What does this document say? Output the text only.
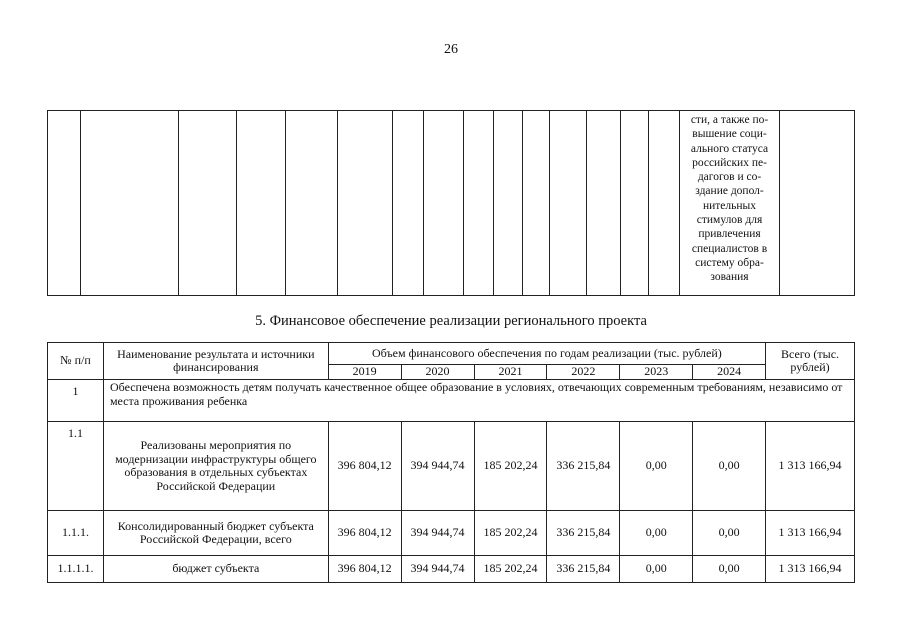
26
															сти, а также по-
вышение соци-
ального статуса
российских пе-
дагогов и со-
здание допол-
нительных
стимулов для
привлечения
специалистов в
систему обра-
зования	
5. Финансовое обеспечение реализации регионального проекта
№ п/п	Наименование результата и источники финансирования	Объем финансового обеспечения по годам реализации (тыс. рублей)						Всего (тыс. рублей)
		2019	2020	2021	2022	2023	2024	
1	Обеспечена возможность детям получать качественное общее образование в условиях, отвечающих современным требованиям, независимо от места проживания ребенка							
1.1	Реализованы мероприятия по модернизации инфраструктуры общего образования в отдельных субъектах Российской Федерации	396 804,12	394 944,74	185 202,24	336 215,84	0,00	0,00	1 313 166,94
1.1.1.	Консолидированный бюджет субъекта Российской Федерации, всего	396 804,12	394 944,74	185 202,24	336 215,84	0,00	0,00	1 313 166,94
1.1.1.1.	бюджет субъекта	396 804,12	394 944,74	185 202,24	336 215,84	0,00	0,00	1 313 166,94
